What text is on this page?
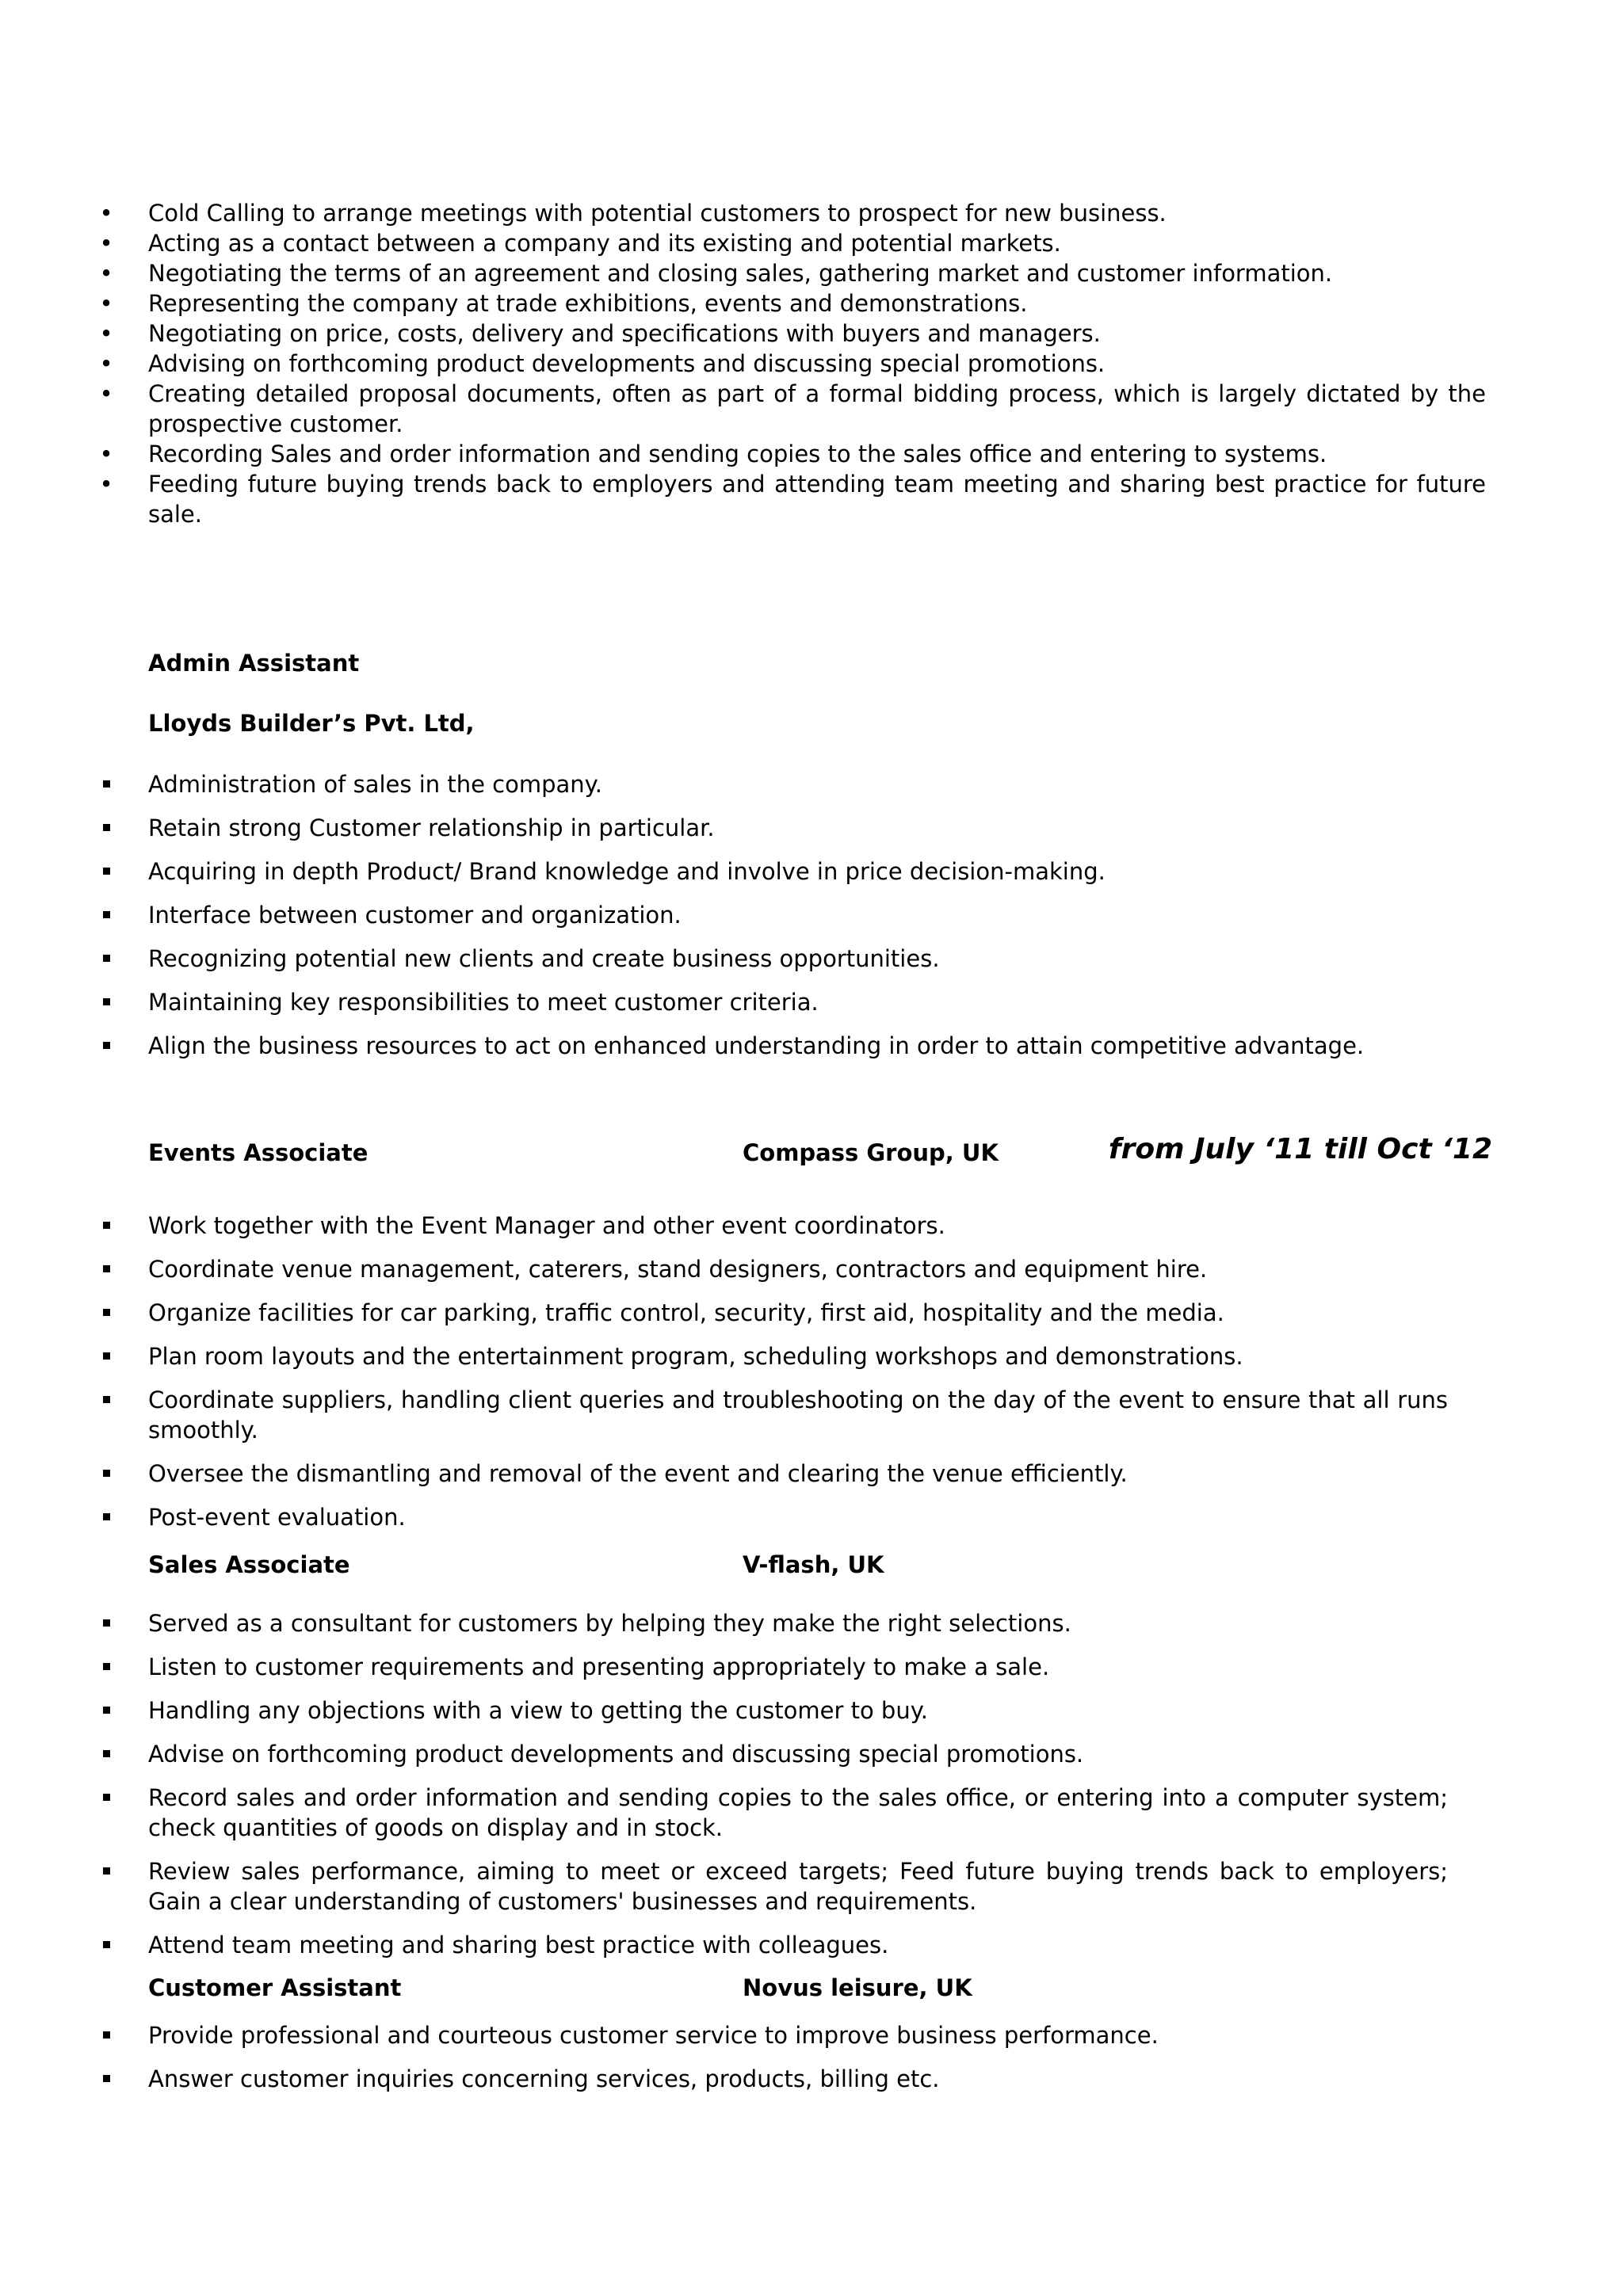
• Cold Calling to arrange meetings with potential customers to prospect for new business.
• Acting as a contact between a company and its existing and potential markets.
• Negotiating the terms of an agreement and closing sales, gathering market and customer information.
• Representing the company at trade exhibitions, events and demonstrations.
• Negotiating on price, costs, delivery and specifications with buyers and managers.
• Advising on forthcoming product developments and discussing special promotions.
• Creating detailed proposal documents, often as part of a formal bidding process, which is largely dictated by the prospective customer.
• Recording Sales and order information and sending copies to the sales office and entering to systems.
• Feeding future buying trends back to employers and attending team meeting and sharing best practice for future sale.
Admin Assistant
Lloyds Builder’s Pvt. Ltd,
Administration of sales in the company.
Retain strong Customer relationship in particular.
Acquiring in depth Product/ Brand knowledge and involve in price decision-making.
Interface between customer and organization.
Recognizing potential new clients and create business opportunities.
Maintaining key responsibilities to meet customer criteria.
Align the business resources to act on enhanced understanding in order to attain competitive advantage.
Events Associate	Compass Group, UK	from July ‘11 till Oct ‘12
Work together with the Event Manager and other event coordinators.
Coordinate venue management, caterers, stand designers, contractors and equipment hire.
Organize facilities for car parking, traffic control, security, first aid, hospitality and the media.
Plan room layouts and the entertainment program, scheduling workshops and demonstrations.
Coordinate suppliers, handling client queries and troubleshooting on the day of the event to ensure that all runs smoothly.
Oversee the dismantling and removal of the event and clearing the venue efficiently.
Post-event evaluation.
Sales Associate	V-flash, UK
Served as a consultant for customers by helping they make the right selections.
Listen to customer requirements and presenting appropriately to make a sale.
Handling any objections with a view to getting the customer to buy.
Advise on forthcoming product developments and discussing special promotions.
Record sales and order information and sending copies to the sales office, or entering into a computer system; check quantities of goods on display and in stock.
Review sales performance, aiming to meet or exceed targets; Feed future buying trends back to employers; Gain a clear understanding of customers' businesses and requirements.
Attend team meeting and sharing best practice with colleagues.
Customer Assistant	Novus leisure, UK
Provide professional and courteous customer service to improve business performance.
Answer customer inquiries concerning services, products, billing etc.
